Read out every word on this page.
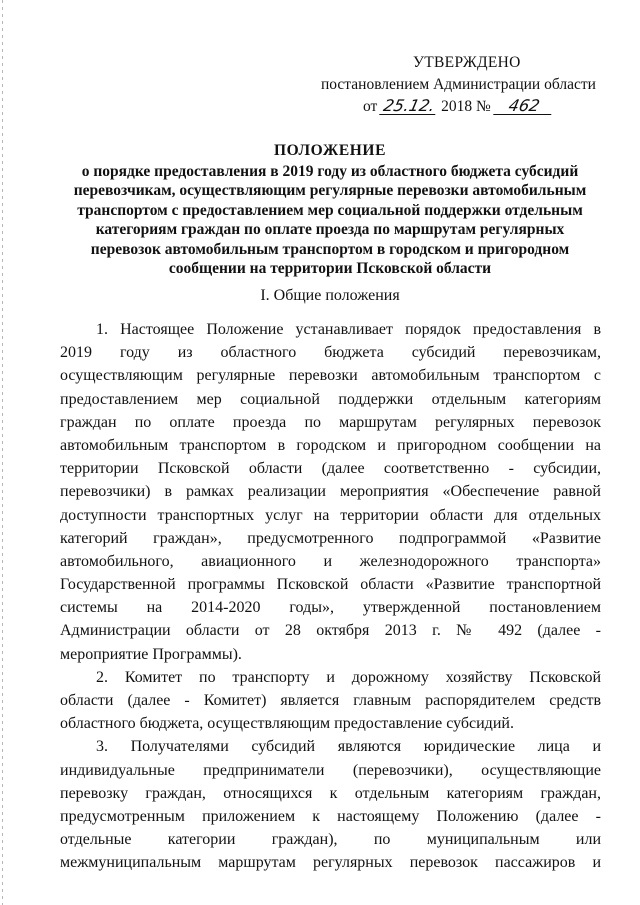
УТВЕРЖДЕНО
постановлением Администрации области
от 25.12. 2018 № 462
ПОЛОЖЕНИЕ
о порядке предоставления в 2019 году из областного бюджета субсидий
перевозчикам, осуществляющим регулярные перевозки автомобильным
транспортом с предоставлением мер социальной поддержки отдельным
категориям граждан по оплате проезда по маршрутам регулярных
перевозок автомобильным транспортом в городском и пригородном
сообщении на территории Псковской области
I. Общие положения
1. Настоящее Положение устанавливает порядок предоставления в
2019 году из областного бюджета субсидий перевозчикам,
осуществляющим регулярные перевозки автомобильным транспортом с
предоставлением мер социальной поддержки отдельным категориям
граждан по оплате проезда по маршрутам регулярных перевозок
автомобильным транспортом в городском и пригородном сообщении на
территории Псковской области (далее соответственно - субсидии,
перевозчики) в рамках реализации мероприятия «Обеспечение равной
доступности транспортных услуг на территории области для отдельных
категорий граждан», предусмотренного подпрограммой «Развитие
автомобильного, авиационного и железнодорожного транспорта»
Государственной программы Псковской области «Развитие транспортной
системы на 2014-2020 годы», утвержденной постановлением
Администрации области от 28 октября 2013 г. № 492 (далее -
мероприятие Программы).
2. Комитет по транспорту и дорожному хозяйству Псковской
области (далее - Комитет) является главным распорядителем средств
областного бюджета, осуществляющим предоставление субсидий.
3. Получателями субсидий являются юридические лица и
индивидуальные предприниматели (перевозчики), осуществляющие
перевозку граждан, относящихся к отдельным категориям граждан,
предусмотренным приложением к настоящему Положению (далее -
отдельные категории граждан), по муниципальным или
межмуниципальным маршрутам регулярных перевозок пассажиров и
